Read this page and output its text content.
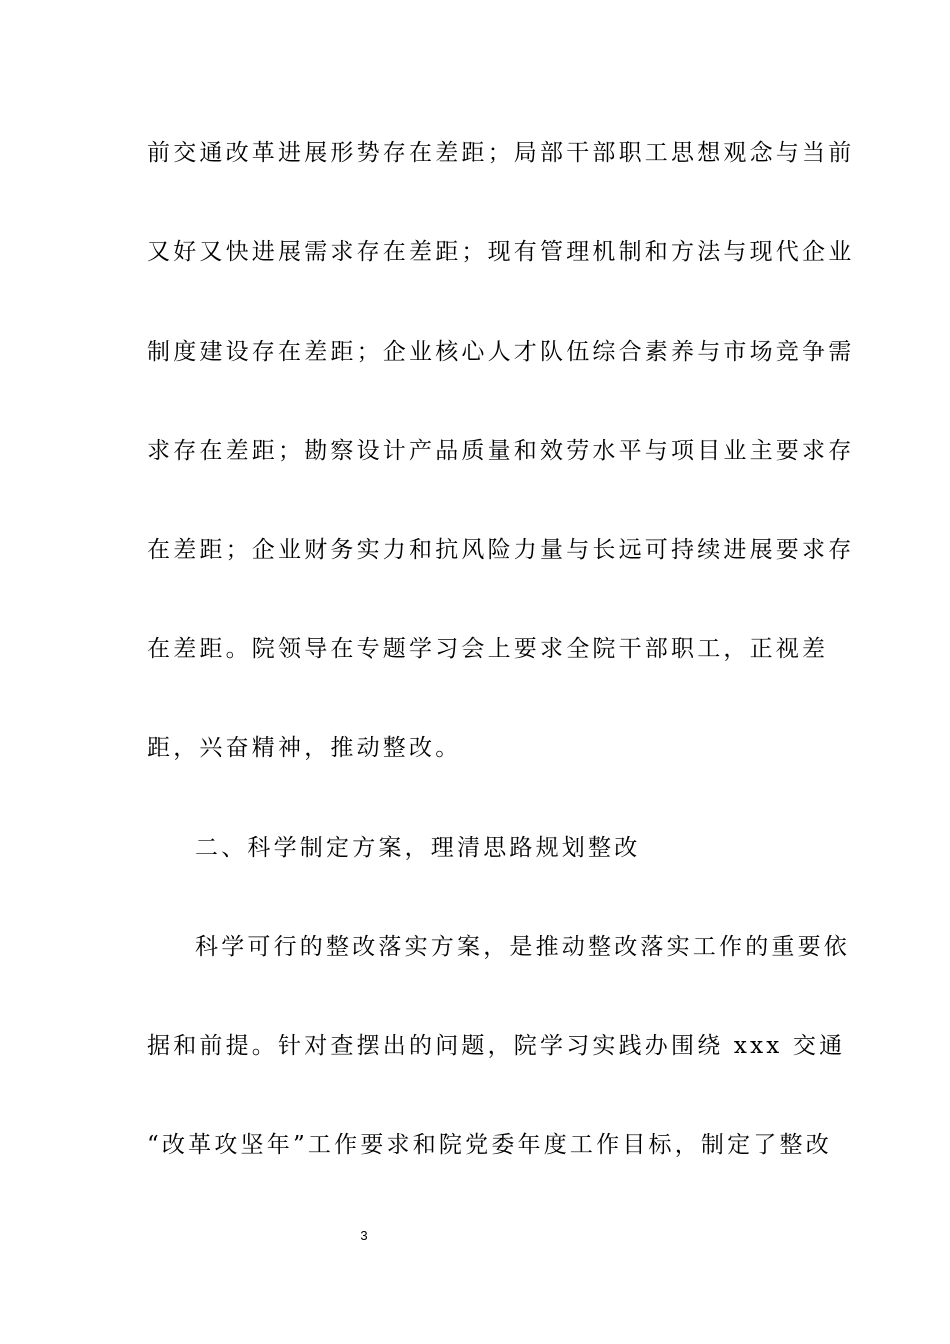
前交通改革进展形势存在差距；局部干部职工思想观念与当前
又好又快进展需求存在差距；现有管理机制和方法与现代企业
制度建设存在差距；企业核心人才队伍综合素养与市场竞争需
求存在差距；勘察设计产品质量和效劳水平与项目业主要求存
在差距；企业财务实力和抗风险力量与长远可持续进展要求存
在差距。院领导在专题学习会上要求全院干部职工，正视差
距，兴奋精神，推动整改。
二、科学制定方案，理清思路规划整改
科学可行的整改落实方案，是推动整改落实工作的重要依
据和前提。针对查摆出的问题，院学习实践办围绕 xxx 交通
“改革攻坚年”工作要求和院党委年度工作目标，制定了整改
3
